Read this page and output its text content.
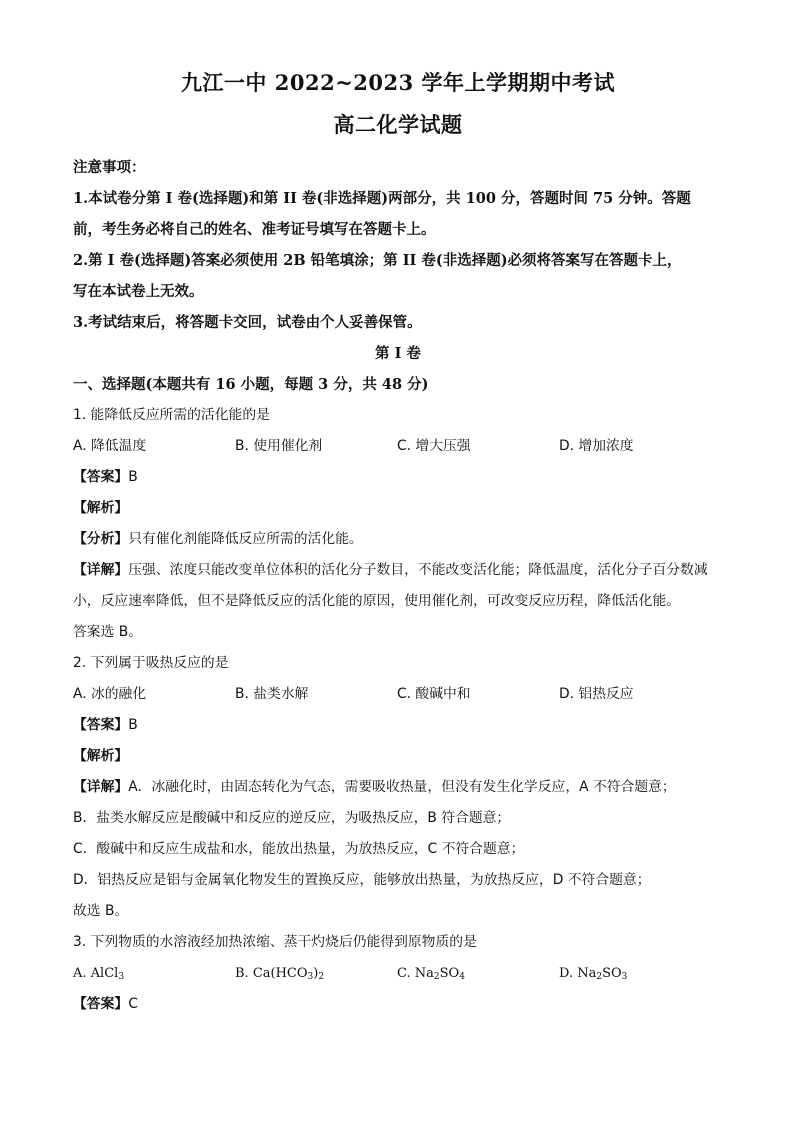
九江一中 2022~2023 学年上学期期中考试
高二化学试题

注意事项：

1.本试卷分第 I 卷(选择题)和第 II 卷(非选择题)两部分，共 100 分，答题时间 75 分钟。答题

前，考生务必将自己的姓名、准考证号填写在答题卡上。

2.第 I 卷(选择题)答案必须使用 2B 铅笔填涂；第 II 卷(非选择题)必须将答案写在答题卡上，

写在本试卷上无效。

3.考试结束后，将答题卡交回，试卷由个人妥善保管。

第 I 卷

一、选择题(本题共有 16 小题，每题 3 分，共 48 分)

1. 能降低反应所需的活化能的是

A. 降低温度	B. 使用催化剂	C. 增大压强	D. 增加浓度

【答案】B

【解析】

【分析】只有催化剂能降低反应所需的活化能。

【详解】压强、浓度只能改变单位体积的活化分子数目，不能改变活化能；降低温度，活化分子百分数减

小，反应速率降低，但不是降低反应的活化能的原因，使用催化剂，可改变反应历程，降低活化能。

答案选 B。

2. 下列属于吸热反应的是

A. 冰的融化	B. 盐类水解	C. 酸碱中和	D. 铝热反应

【答案】B

【解析】

【详解】A．冰融化时，由固态转化为气态，需要吸收热量，但没有发生化学反应，A 不符合题意；

B．盐类水解反应是酸碱中和反应的逆反应，为吸热反应，B 符合题意；

C．酸碱中和反应生成盐和水，能放出热量，为放热反应，C 不符合题意；

D．铝热反应是铝与金属氧化物发生的置换反应，能够放出热量，为放热反应，D 不符合题意；

故选 B。

3. 下列物质的水溶液经加热浓缩、蒸干灼烧后仍能得到原物质的是

A. AlCl$_3$	B. $Ca(HCO_3)_2$	C. $Na_2SO_4$	D. $Na_2SO_3$

【答案】C
